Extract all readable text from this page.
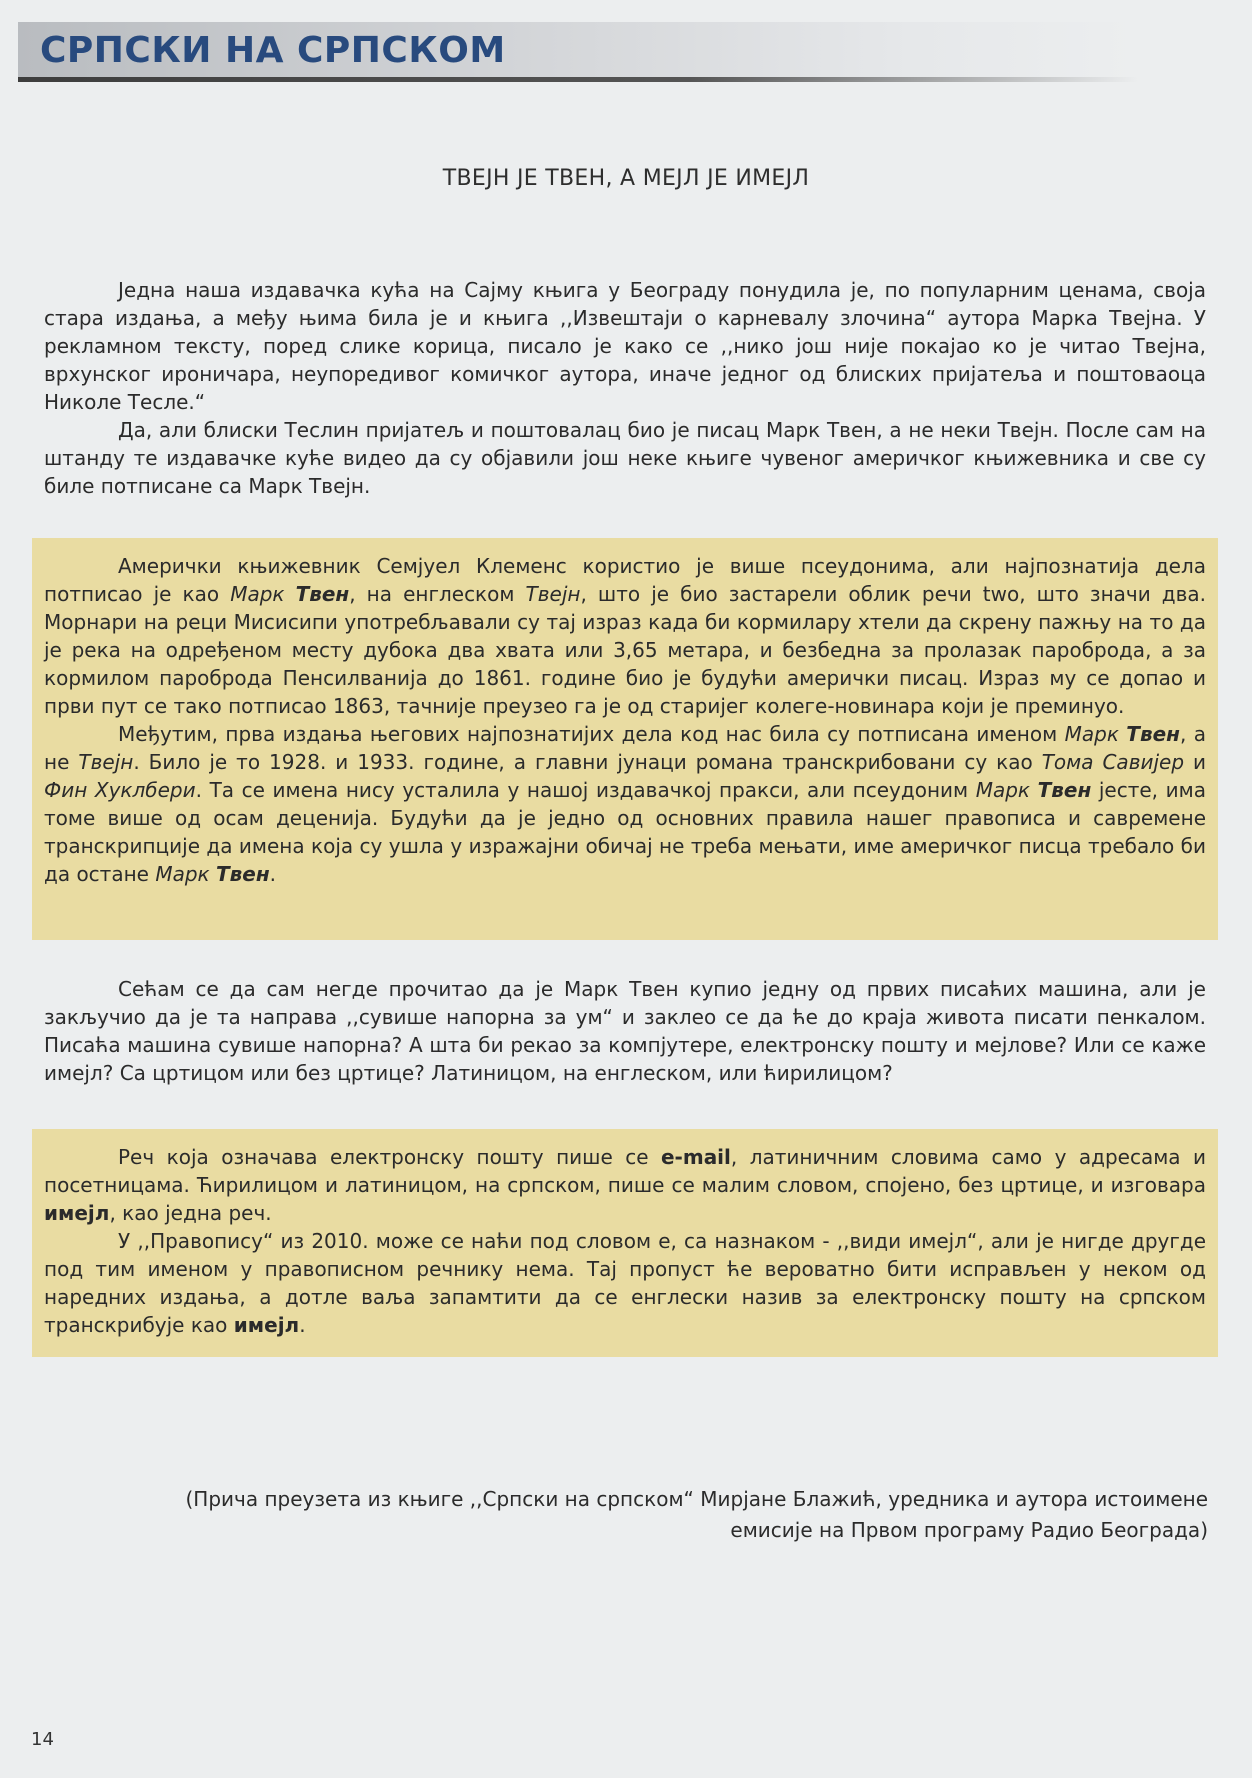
СРПСКИ НА СРПСКОМ
ТВЕЈН ЈЕ ТВЕН, А МЕЈЛ ЈЕ ИМЕЈЛ

Једна наша издавачка кућа на Сајму књига у Београду понудила је, по популарним ценама, своја стара издања, а међу њима била је и књига ,,Извештаји о карневалу злочина“ аутора Марка Твејна. У рекламном тексту, поред слике корица, писало је како се ,,нико још није покајао ко је читао Твејна, врхунског ироничара, неупоредивог комичког аутора, иначе једног од блиских пријатеља и поштоваоца Николе Тесле.“

Да, али блиски Теслин пријатељ и поштовалац био је писац Марк Твен, а не неки Твејн. После сам на штанду те издавачке куће видео да су објавили још неке књиге чувеног америчког књижевника и све су биле потписане са Марк Твејн.

Амерички књижевник Семјуел Клеменс користио је више псеудонима, али најпознатија дела потписао је као Марк Твен, на енглеском Твејн, што је био застарели облик речи two, што значи два. Морнари на реци Мисисипи употребљавали су тај израз када би кормилару хтели да скрену пажњу на то да је река на одређеном месту дубока два хвата или 3,65 метара, и безбедна за пролазак пароброда, а за кормилом пароброда Пенсилванија до 1861. године био је будући амерички писац. Израз му се допао и први пут се тако потписао 1863, тачније преузео га је од старијег колеге-новинара који је преминуо.

Међутим, прва издања његових најпознатијих дела код нас била су потписана именом Марк Твен, а не Твејн. Било је то 1928. и 1933. године, а главни јунаци романа транскрибовани су као Тома Савијер и Фин Хуклбери. Та се имена нису усталила у нашој издавачкој пракси, али псеудоним Марк Твен јесте, има томе више од осам деценија. Будући да је једно од основних правила нашег правописа и савремене транскрипције да имена која су ушла у изражајни обичај не треба мењати, име америчког писца требало би да остане Марк Твен.

Сећам се да сам негде прочитао да је Марк Твен купио једну од првих писаћих машина, али је закључио да је та направа ,,сувише напорна за ум“ и заклео се да ће до краја живота писати пенкалом. Писаћа машина сувише напорна? А шта би рекао за компјутере, електронску пошту и мејлове? Или се каже имејл? Са цртицом или без цртице? Латиницом, на енглеском, или ћирилицом?

Реч која означава електронску пошту пише се e-mail, латиничним словима само у адресама и посетницама. Ћирилицом и латиницом, на српском, пише се малим словом, спојено, без цртице, и изговара имејл, као једна реч.

У ,,Правопису“ из 2010. може се наћи под словом е, са назнаком - ,,види имејл“, али је нигде другде под тим именом у правописном речнику нема. Тај пропуст ће вероватно бити исправљен у неком од наредних издања, а дотле ваља запамтити да се енглески назив за електронску пошту на српском транскрибује као имејл.

(Прича преузета из књиге ,,Српски на српском“ Мирјане Блажић, уредника и аутора истоимене
емисије на Првом програму Радио Београда)
14
